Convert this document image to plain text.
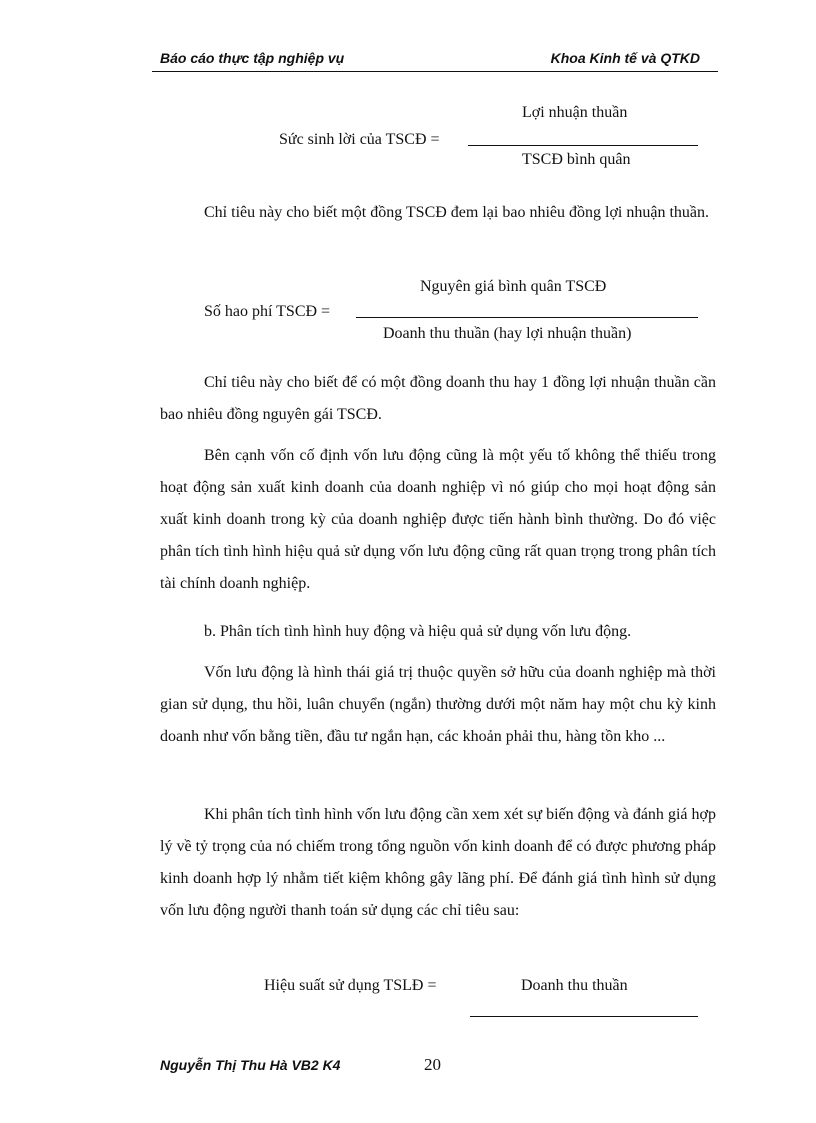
Báo cáo thực tập nghiệp vụ	Khoa Kinh tế và QTKD
Lợi nhuận thuần
Sức sinh lời của TSCĐ =
TSCĐ bình quân
Chỉ tiêu này cho biết một đồng TSCĐ đem lại bao nhiêu đồng lợi nhuận thuần.
Nguyên giá bình quân TSCĐ
Số hao phí TSCĐ =
Doanh thu thuần (hay lợi nhuận thuần)
Chỉ tiêu này cho biết để có một đồng doanh thu hay 1 đồng lợi nhuận thuần cần bao nhiêu đồng nguyên gái TSCĐ.
Bên cạnh vốn cố định vốn lưu động cũng là một yếu tố không thể thiếu trong hoạt động sản xuất kinh doanh của doanh nghiệp vì nó giúp cho mọi hoạt động sản xuất kinh doanh trong kỳ của doanh nghiệp được tiến hành bình thường. Do đó việc phân tích tình hình hiệu quả sử dụng vốn lưu động cũng rất quan trọng trong phân tích tài chính doanh nghiệp.
b. Phân tích tình hình huy động và hiệu quả sử dụng vốn lưu động.
Vốn lưu động là hình thái giá trị thuộc quyền sở hữu của doanh nghiệp mà thời gian sử dụng, thu hồi, luân chuyển (ngắn) thường dưới một năm hay một chu kỳ kinh doanh như vốn bằng tiền, đầu tư ngắn hạn, các khoản phải thu, hàng tồn kho ...
Khi phân tích tình hình vốn lưu động cần xem xét sự biến động và đánh giá hợp lý về tỷ trọng của nó chiếm trong tổng nguồn vốn kinh doanh để có được phương pháp kinh doanh hợp lý nhằm tiết kiệm không gây lãng phí. Để đánh giá tình hình sử dụng vốn lưu động người thanh toán sử dụng các chỉ tiêu sau:
Hiệu suất sử dụng TSLĐ =	Doanh thu thuần
Nguyễn Thị Thu Hà VB2 K4	20
